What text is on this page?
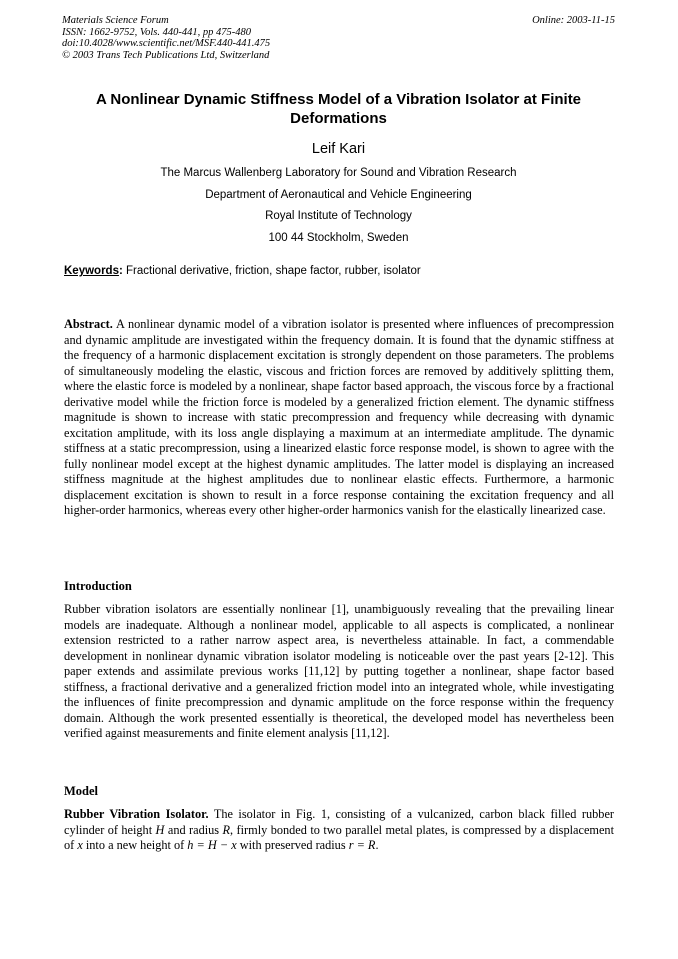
Materials Science Forum
ISSN: 1662-9752, Vols. 440-441, pp 475-480
doi:10.4028/www.scientific.net/MSF.440-441.475
© 2003 Trans Tech Publications Ltd, Switzerland
Online: 2003-11-15
A Nonlinear Dynamic Stiffness Model of a Vibration Isolator at Finite
Deformations
Leif Kari
The Marcus Wallenberg Laboratory for Sound and Vibration Research
Department of Aeronautical and Vehicle Engineering
Royal Institute of Technology
100 44 Stockholm, Sweden
Keywords: Fractional derivative, friction, shape factor, rubber, isolator
Abstract. A nonlinear dynamic model of a vibration isolator is presented where influences of precompression and dynamic amplitude are investigated within the frequency domain. It is found that the dynamic stiffness at the frequency of a harmonic displacement excitation is strongly dependent on those parameters. The problems of simultaneously modeling the elastic, viscous and friction forces are removed by additively splitting them, where the elastic force is modeled by a nonlinear, shape factor based approach, the viscous force by a fractional derivative model while the friction force is modeled by a generalized friction element. The dynamic stiffness magnitude is shown to increase with static precompression and frequency while decreasing with dynamic excitation amplitude, with its loss angle displaying a maximum at an intermediate amplitude. The dynamic stiffness at a static precompression, using a linearized elastic force response model, is shown to agree with the fully nonlinear model except at the highest dynamic amplitudes. The latter model is displaying an increased stiffness magnitude at the highest amplitudes due to nonlinear elastic effects. Furthermore, a harmonic displacement excitation is shown to result in a force response containing the excitation frequency and all higher-order harmonics, whereas every other higher-order harmonics vanish for the elastically linearized case.
Introduction
Rubber vibration isolators are essentially nonlinear [1], unambiguously revealing that the prevailing linear models are inadequate. Although a nonlinear model, applicable to all aspects is complicated, a nonlinear extension restricted to a rather narrow aspect area, is nevertheless attainable. In fact, a commendable development in nonlinear dynamic vibration isolator modeling is noticeable over the past years [2-12]. This paper extends and assimilate previous works [11,12] by putting together a nonlinear, shape factor based stiffness, a fractional derivative and a generalized friction model into an integrated whole, while investigating the influences of finite precompression and dynamic amplitude on the force response within the frequency domain. Although the work presented essentially is theoretical, the developed model has nevertheless been verified against measurements and finite element analysis [11,12].
Model
Rubber Vibration Isolator. The isolator in Fig. 1, consisting of a vulcanized, carbon black filled rubber cylinder of height H and radius R, firmly bonded to two parallel metal plates, is compressed by a displacement of x into a new height of h = H − x with preserved radius r = R.
